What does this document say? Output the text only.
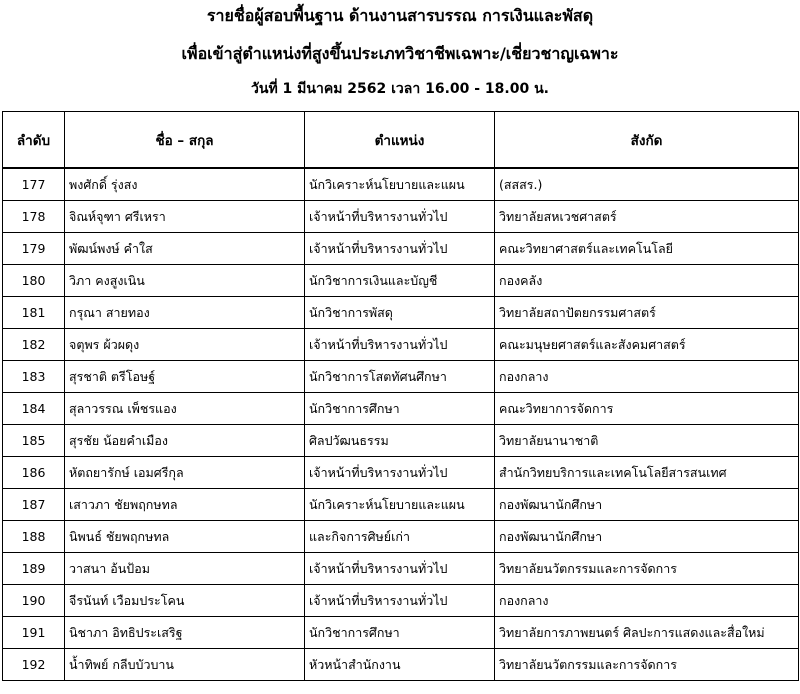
รายชื่อผู้สอบพื้นฐาน ด้านงานสารบรรณ การเงินและพัสดุ
เพื่อเข้าสู่ตำแหน่งที่สูงขึ้นประเภทวิชาชีพเฉพาะ/เชี่ยวชาญเฉพาะ
วันที่ 1 มีนาคม 2562 เวลา 16.00 - 18.00 น.
ลำดับ	ชื่อ – สกุล	ตำแหน่ง	สังกัด
177	พงศักดิ์ รุ่งสง	นักวิเคราะห์นโยบายและแผน	(สสสร.)
178	จิณห์จุฑา ศรีเหรา	เจ้าหน้าที่บริหารงานทั่วไป	วิทยาลัยสหเวชศาสตร์
179	พัฒน์พงษ์ คำใส	เจ้าหน้าที่บริหารงานทั่วไป	คณะวิทยาศาสตร์และเทคโนโลยี
180	วิภา คงสูงเนิน	นักวิชาการเงินและบัญชี	กองคลัง
181	กรุณา สายทอง	นักวิชาการพัสดุ	วิทยาลัยสถาปัตยกรรมศาสตร์
182	จตุพร ผ้วผดุง	เจ้าหน้าที่บริหารงานทั่วไป	คณะมนุษยศาสตร์และสังคมศาสตร์
183	สุรชาติ ตรีโอษฐ์	นักวิชาการโสตทัศนศึกษา	กองกลาง
184	สุลาวรรณ เพ็ชรแอง	นักวิชาการศึกษา	คณะวิทยาการจัดการ
185	สุรชัย น้อยคำเมือง	ศิลปวัฒนธรรม	วิทยาลัยนานาชาติ
186	หัตถยารักษ์ เอมศรีกุล	เจ้าหน้าที่บริหารงานทั่วไป	สำนักวิทยบริการและเทคโนโลยีสารสนเทศ
187	เสาวภา ชัยพฤกษทล	นักวิเคราะห์นโยบายและแผน	กองพัฒนานักศึกษา
188	นิพนธ์ ชัยพฤกษทล	และกิจการศิษย์เก่า	กองพัฒนานักศึกษา
189	วาสนา อ้นป้อม	เจ้าหน้าที่บริหารงานทั่วไป	วิทยาลัยนวัตกรรมและการจัดการ
190	จีรนันท์ เวือมประโคน	เจ้าหน้าที่บริหารงานทั่วไป	กองกลาง
191	นิชาภา อิทธิประเสริฐ	นักวิชาการศึกษา	วิทยาลัยการภาพยนตร์ ศิลปะการแสดงและสื่อใหม่
192	น้ำทิพย์ กลีบบัวบาน	หัวหน้าสำนักงาน	วิทยาลัยนวัตกรรมและการจัดการ
